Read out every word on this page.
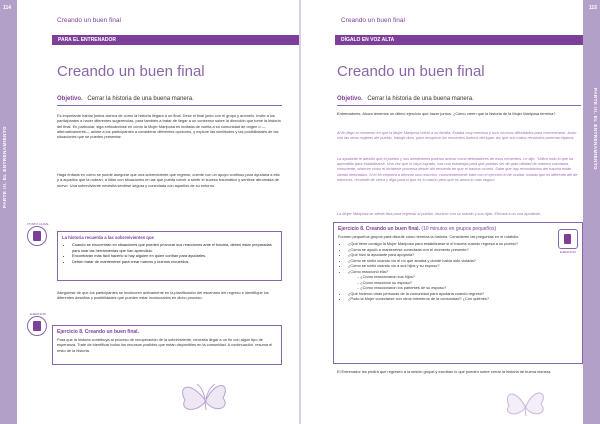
PARTE III. EL ENTRENAMIENTO
114
Creando un buen final
PARA EL ENTRENADOR
Creando un buen final
Objetivo. Cerrar la historia de una buena manera.
Es importante hablar juntos acerca de cómo la historia llegará a un final. Dese el final junto con el grupo y anímelo. Invite a los participantes a hacer diferentes sugerencias, para también a tratar de llegar a un consenso sobre la dirección que tome la historia del final. En particular, siga enfocándose en cómo la Mujer Mariposa es invitada de vuelta a su comunidad de origen o —alternativamente— anime a los participantes a considerar diferentes opciones, y explore las similitudes y las posibilidades de las situaciones que se pueden presentar.
Haga énfasis en cómo se puede asegurar que una sobreviviente que regrese, cuente con un apoyo continuo para ayudarla a ella y a aquellos que la rodean, a lidiar con situaciones en las que pueda volver a sentir el suceso traumático y sentirse abrumada de nuevo. Una sobreviviente necesita sentirse segura y conectada con aquellos de su entorno.
PUNTO CLAVE
La historia recuerda a las sobrevivientes que
• Cuando se encuentran en situaciones que pueden provocar sus reacciones ante el trauma, deben estar preparadas para usar las herramientas que han aprendido.
• Encontrarán más fácil hacerlo si hay alguien en quien confían para ayudarles.
• Deben tratar de mantenerse para crear nuevos y buenos recuerdos.
Asegúrese de que los participantes se involucren activamente en la planificación del escenario del regreso e identifique los diferentes desafíos y posibilidades que pueden estar involucrados en dicho proceso.
EJERCICIO
Ejercicio 8. Creando un buen final.
Para que la historia contribuya al proceso de recuperación de la sobreviviente, necesita llegar a un fin con algún tipo de esperanza. Trate de identificar todos los recursos posibles que están disponibles en la comunidad. A continuación, resuma el resto de la historia.
PARTE III. EL ENTRENAMIENTO
115
Creando un buen final
DÍGALO EN VOZ ALTA
Creando un buen final
Objetivo. Cerrar la historia de una buena manera.
Entrenadores: Ahora tenemos un último ejercicio que hacer juntos. ¿Cómo creen que la historia de la Mujer Mariposa termina?
Al fin llegó el momento en que la Mujer Mariposa volvió a su familia. Estaba muy nerviosa y tuvo muchas dificultades para concentrarse. Justo con las otras mujeres del pueblo, trabajó duro, para recuperar los recuerdos buenos del lugar, así que sus malos recuerdos parecían lejanos.
La ayudante le advirtió que el pueblo y sus alrededores podrían activar como detonadores de esos recuerdos. Le dijo: "Utilice todo lo que ha aprendido para estabilizarse. Una vez que lo haya logrado, haz una estrategia para que puedas ser de gran utilidad de manera voluntaria, consciente, observe cómo el incidente provenía desde ahí recuerdo en que el trauma ocurrió. Sabe que hay recordatorios del trauma están siendo detonados. Si el Mi empieza a detonar una reacción, conscientemente trate con el ejercicio el de ocultar, notado que es diferente del de entonces, recuerde de cerca y diga para sí que es lo mismo pero que es ahora lo más seguro.
La Mujer Mariposa se siente lista para regresar al pueblo, reunirse con su marido y sus hijas. Elevará a un una ayudante.
Ejercicio 8. Creando un buen final. (10 minutos en grupos pequeños)
Formen pequeños grupos para discutir cómo termina la historia. Consideren las preguntas en el rotafolio.
• ¿Qué tiene consigo la Mujer Mariposa para estabilizarse si el trauma cuando regresa a su pueblo?
• ¿Cómo se ayudó a mantenerse conectada con el momento presente?
• ¿Qué hizo la ayudante para apoyarla?
• ¿Cómo se sintió cuando vio el río que amaba y donde había sido violada?
• ¿Cómo se sintió cuando vio a sus hijos y su esposo?
• ¿Cómo reaccionó ella?
– ¿Cómo reaccionaron sus hijos?
– ¿Cómo reaccionó su esposo?
– ¿Cómo reaccionaron los parientes de su esposo?
• ¿Qué hicieron otras personas de la comunidad para ayudarla cuando regresó?
• ¿Pudo la Mujer conectarse con otros miembros de la comunidad? ¿Con quiénes?
EJERCICIO
El Entrenador les pedirá que regresen a la sesión grupal y escriban lo que pueden sobre cerrar la historia de buena manera.
